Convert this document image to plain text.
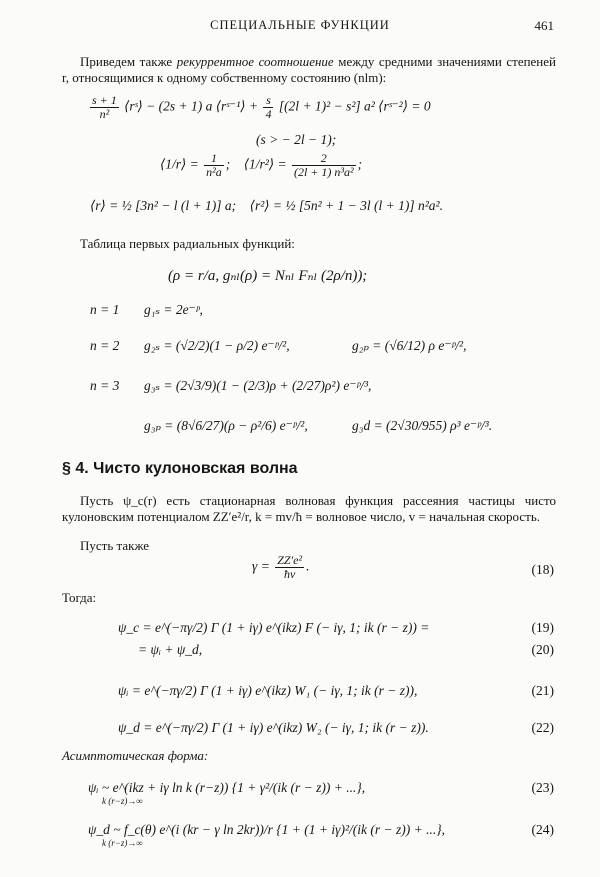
СПЕЦИАЛЬНЫЕ ФУНКЦИИ	461
Приведем также рекуррентное соотношение между средними значениями степеней r, относящимися к одному собственному состоянию (nlm):
$\frac{s + 1}{\text{n²}}$ ⟨rˢ⟩ − (2s + 1) a ⟨rˢ⁻¹⟩ + $\frac{s}{4} [(2l + 1)^2 - s^2]$ a² ⟨rˢ⁻²⟩ = 0
(s > − 2l − 1);
⟨1/r⟩ = $\frac{1}{\text{n²a}}$ ;    ⟨1/r²⟩ = $\frac{2}{\text{(2l + 1) n³a²}}$ ;
⟨r⟩ = ½ [3n² − l (l + 1)] a; ⟨r²⟩ = ½ [5n² + 1 − 3l (l + 1)] n²a².
Таблица первых радиальных функций:
(ρ = r/a, gₙₗ(ρ) = Nₙₗ Fₙₗ (2ρ/n));
n = 1 g₁ₛ = 2e⁻ᵖ,
n = 2 g₂ₛ = (√2/2)(1 − ρ/2) e⁻ᵖ/²,	g₂ₚ = (√6/12) ρ e⁻ᵖ/²,
n = 3 g₃ₛ = (2√3/9)(1 − (2/3)ρ + (2/27)ρ²) e⁻ᵖ/³,
g₃ₚ = (8√6/27)(ρ − ρ²/6) e⁻ᵖ/²,	g₃d = (2√30/955) ρ³ e⁻ᵖ/³.
§ 4. Чисто кулоновская волна
Пусть ψ_c(r) есть стационарная волновая функция рассеяния частицы чисто кулоновским потенциалом ZZ′e²/r, k = mv/ħ = волновое число, v = начальная скорость.
Пусть также
$\gamma = \frac{\text{ZZ′e²}}{ħv}$ .	(18)
Тогда:
ψ_c = e^(−πγ/2) Γ (1 + iγ) e^(ikz) F (− iγ, 1; ik (r − z)) =	(19)
= ψᵢ + ψ_d,	(20)
ψᵢ = e^(−πγ/2) Γ (1 + iγ) e^(ikz) W₁ (− iγ, 1; ik (r − z)),	(21)
ψ_d = e^(−πγ/2) Γ (1 + iγ) e^(ikz) W₂ (− iγ, 1; ik (r − z)).	(22)
Асимптотическая форма:
ψᵢ ~ e^(ikz + iγ ln k (r−z)) {1 + γ²/(ik (r − z)) + ...},
k (r−z)→∞
(23)
ψ_d ~ f_c(θ) e^(i (kr − γ ln 2kr))/r {1 + (1 + iγ)²/(ik (r − z)) + ...},
k (r−z)→∞
(24)
